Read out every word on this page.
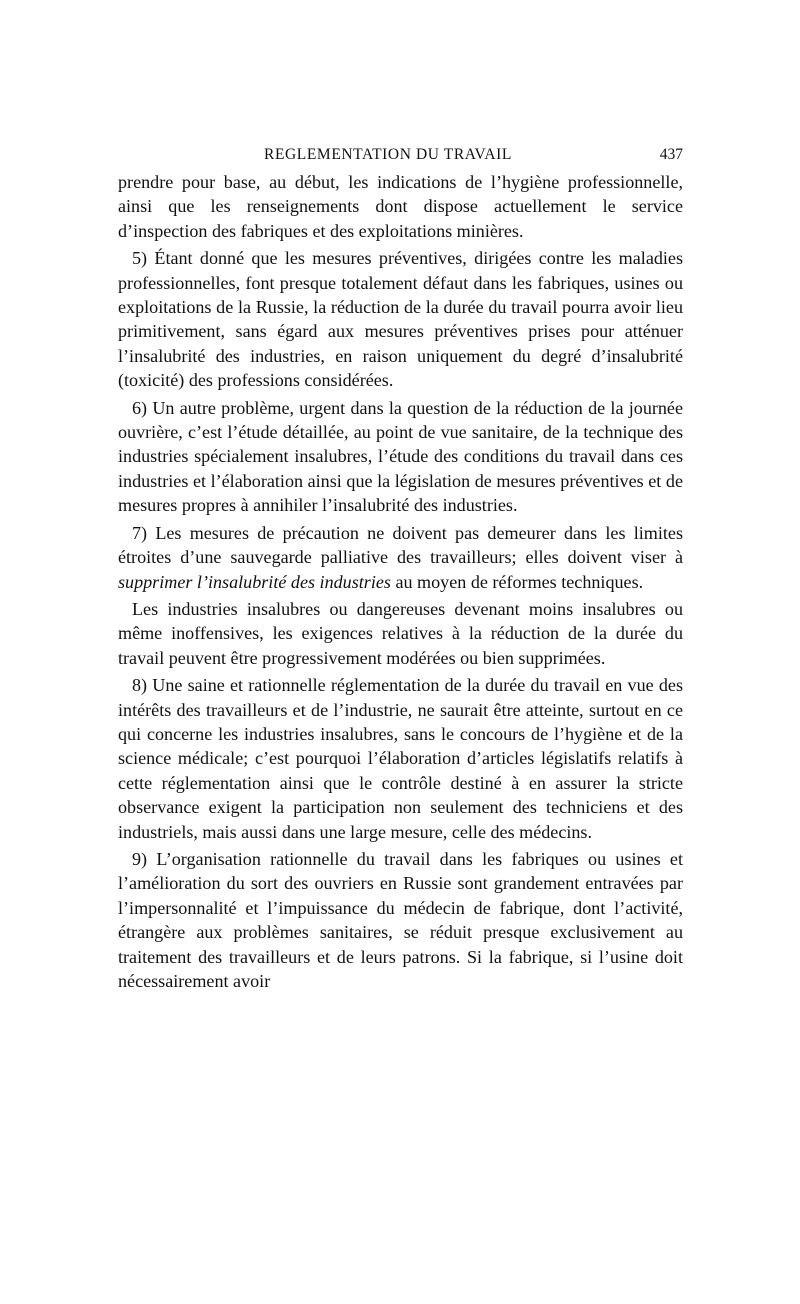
REGLEMENTATION DU TRAVAIL	437

prendre pour base, au début, les indications de l’hygiène professionnelle, ainsi que les renseignements dont dispose actuellement le service d’inspection des fabriques et des exploitations minières.

5) Étant donné que les mesures préventives, dirigées contre les maladies professionnelles, font presque totalement défaut dans les fabriques, usines ou exploitations de la Russie, la réduction de la durée du travail pourra avoir lieu primitivement, sans égard aux mesures préventives prises pour atténuer l’insalubrité des industries, en raison uniquement du degré d’insalubrité (toxicité) des professions considérées.

6) Un autre problème, urgent dans la question de la réduction de la journée ouvrière, c’est l’étude détaillée, au point de vue sanitaire, de la technique des industries spécialement insalubres, l’étude des conditions du travail dans ces industries et l’élaboration ainsi que la législation de mesures préventives et de mesures propres à annihiler l’insalubrité des industries.

7) Les mesures de précaution ne doivent pas demeurer dans les limites étroites d’une sauvegarde palliative des travailleurs; elles doivent viser à supprimer l’insalubrité des industries au moyen de réformes techniques.

Les industries insalubres ou dangereuses devenant moins insalubres ou même inoffensives, les exigences relatives à la réduction de la durée du travail peuvent être progressivement modérées ou bien supprimées.

8) Une saine et rationnelle réglementation de la durée du travail en vue des intérêts des travailleurs et de l’industrie, ne saurait être atteinte, surtout en ce qui concerne les industries insalubres, sans le concours de l’hygiène et de la science médicale; c’est pourquoi l’élaboration d’articles législatifs relatifs à cette réglementation ainsi que le contrôle destiné à en assurer la stricte observance exigent la participation non seulement des techniciens et des industriels, mais aussi dans une large mesure, celle des médecins.

9) L’organisation rationnelle du travail dans les fabriques ou usines et l’amélioration du sort des ouvriers en Russie sont grandement entravées par l’impersonnalité et l’impuissance du médecin de fabrique, dont l’activité, étrangère aux problèmes sanitaires, se réduit presque exclusivement au traitement des travailleurs et de leurs patrons. Si la fabrique, si l’usine doit nécessairement avoir
